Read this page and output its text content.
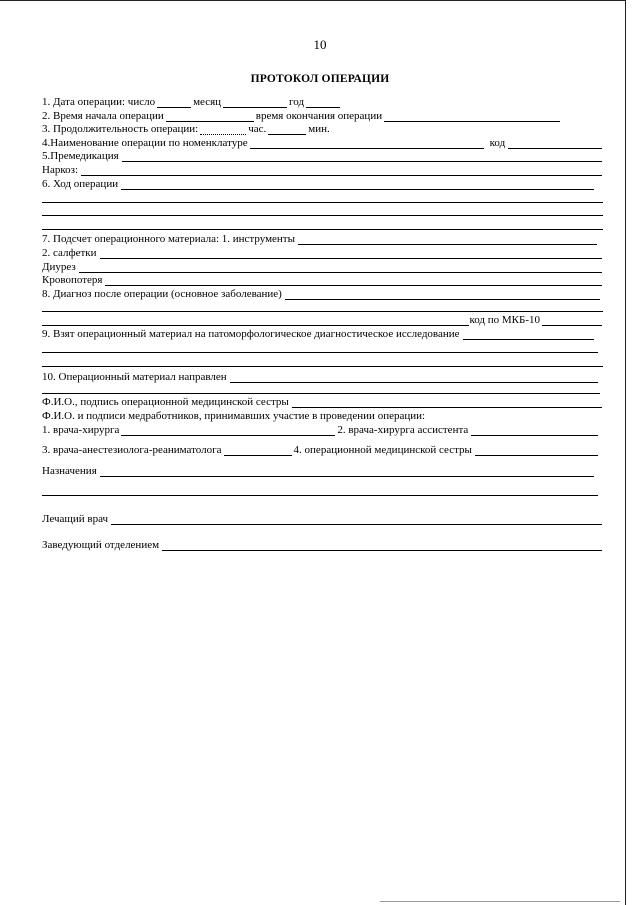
10
ПРОТОКОЛ ОПЕРАЦИИ
1. Дата операции: число	месяц	год
2. Время начала операции	время окончания операции
3. Продолжительность операции:	час.	мин.
4.Наименование операции по номенклатуре	код
5.Премедикация
Наркоз:
6. Ход операции
7. Подсчет операционного материала: 1. инструменты
2. салфетки
Диурез
Кровопотеря
8. Диагноз после операции (основное заболевание)
код по МКБ-10
9. Взят операционный материал на патоморфологическое диагностическое исследование
10. Операционный материал направлен
Ф.И.О., подпись операционной медицинской сестры
Ф.И.О. и подписи медработников, принимавших участие в проведении операции:
1. врача-хирурга	2. врача-хирурга ассистента
3. врача-анестезиолога-реаниматолога	4. операционной медицинской сестры
Назначения
Лечащий врач
Заведующий отделением
